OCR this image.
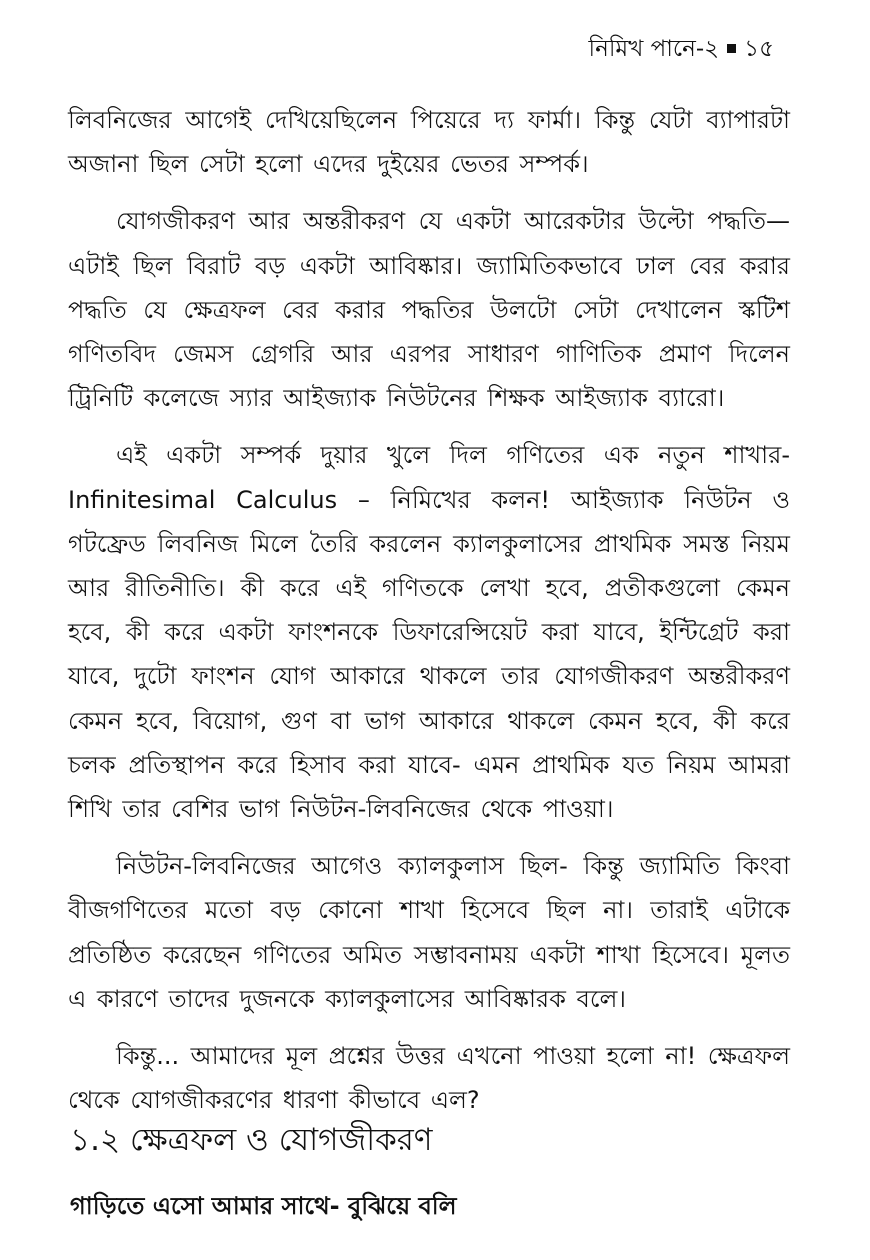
নিমিখ পানে-২ ১৫

লিবনিজের আগেই দেখিয়েছিলেন পিয়েরে দ্য ফার্মা। কিন্তু যেটা ব্যাপারটা অজানা ছিল সেটা হলো এদের দুইয়ের ভেতর সম্পর্ক।

যোগজীকরণ আর অন্তরীকরণ যে একটা আরেকটার উল্টো পদ্ধতি— এটাই ছিল বিরাট বড় একটা আবিষ্কার। জ্যামিতিকভাবে ঢাল বের করার পদ্ধতি যে ক্ষেত্রফল বের করার পদ্ধতির উলটো সেটা দেখালেন স্কটিশ গণিতবিদ জেমস গ্রেগরি আর এরপর সাধারণ গাণিতিক প্রমাণ দিলেন ট্রিনিটি কলেজে স্যার আইজ্যাক নিউটনের শিক্ষক আইজ্যাক ব্যারো।

এই একটা সম্পর্ক দুয়ার খুলে দিল গণিতের এক নতুন শাখার- Infinitesimal Calculus – নিমিখের কলন! আইজ্যাক নিউটন ও গটফ্রেড লিবনিজ মিলে তৈরি করলেন ক্যালকুলাসের প্রাথমিক সমস্ত নিয়ম আর রীতিনীতি। কী করে এই গণিতকে লেখা হবে, প্রতীকগুলো কেমন হবে, কী করে একটা ফাংশনকে ডিফারেন্সিয়েট করা যাবে, ইন্টিগ্রেট করা যাবে, দুটো ফাংশন যোগ আকারে থাকলে তার যোগজীকরণ অন্তরীকরণ কেমন হবে, বিয়োগ, গুণ বা ভাগ আকারে থাকলে কেমন হবে, কী করে চলক প্রতিস্থাপন করে হিসাব করা যাবে- এমন প্রাথমিক যত নিয়ম আমরা শিখি তার বেশির ভাগ নিউটন-লিবনিজের থেকে পাওয়া।

নিউটন-লিবনিজের আগেও ক্যালকুলাস ছিল- কিন্তু জ্যামিতি কিংবা বীজগণিতের মতো বড় কোনো শাখা হিসেবে ছিল না। তারাই এটাকে প্রতিষ্ঠিত করেছেন গণিতের অমিত সম্ভাবনাময় একটা শাখা হিসেবে। মূলত এ কারণে তাদের দুজনকে ক্যালকুলাসের আবিষ্কারক বলে।

কিন্তু... আমাদের মূল প্রশ্নের উত্তর এখনো পাওয়া হলো না! ক্ষেত্রফল থেকে যোগজীকরণের ধারণা কীভাবে এল?

১.২ ক্ষেত্রফল ও যোগজীকরণ
গাড়িতে এসো আমার সাথে- বুঝিয়ে বলি
